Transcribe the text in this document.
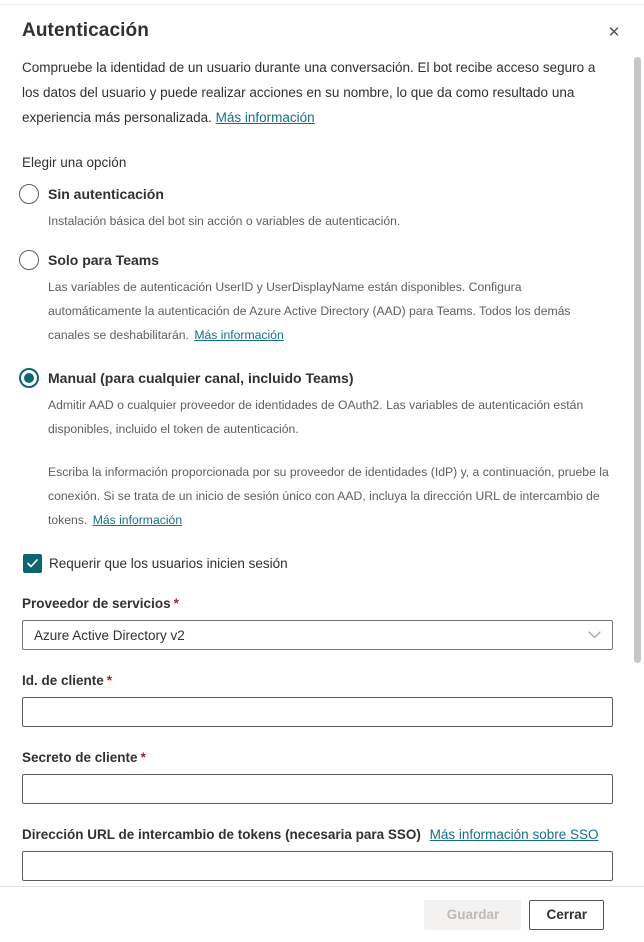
Autenticación	✕

Compruebe la identidad de un usuario durante una conversación. El bot recibe acceso seguro a los datos del usuario y puede realizar acciones en su nombre, lo que da como resultado una experiencia más personalizada. Más información

Elegir una opción
Sin autenticación
Instalación básica del bot sin acción o variables de autenticación.
Solo para Teams
Las variables de autenticación UserID y UserDisplayName están disponibles. Configura automáticamente la autenticación de Azure Active Directory (AAD) para Teams. Todos los demás canales se deshabilitarán. Más información
Manual (para cualquier canal, incluido Teams)
Admitir AAD o cualquier proveedor de identidades de OAuth2. Las variables de autenticación están disponibles, incluido el token de autenticación.

Escriba la información proporcionada por su proveedor de identidades (IdP) y, a continuación, pruebe la conexión. Si se trata de un inicio de sesión único con AAD, incluya la dirección URL de intercambio de tokens. Más información

Requerir que los usuarios inicien sesión
Proveedor de servicios *
Azure Active Directory v2
Id. de cliente *
Secreto de cliente *
Dirección URL de intercambio de tokens (necesaria para SSO) Más información sobre SSO
Guardar	Cerrar
